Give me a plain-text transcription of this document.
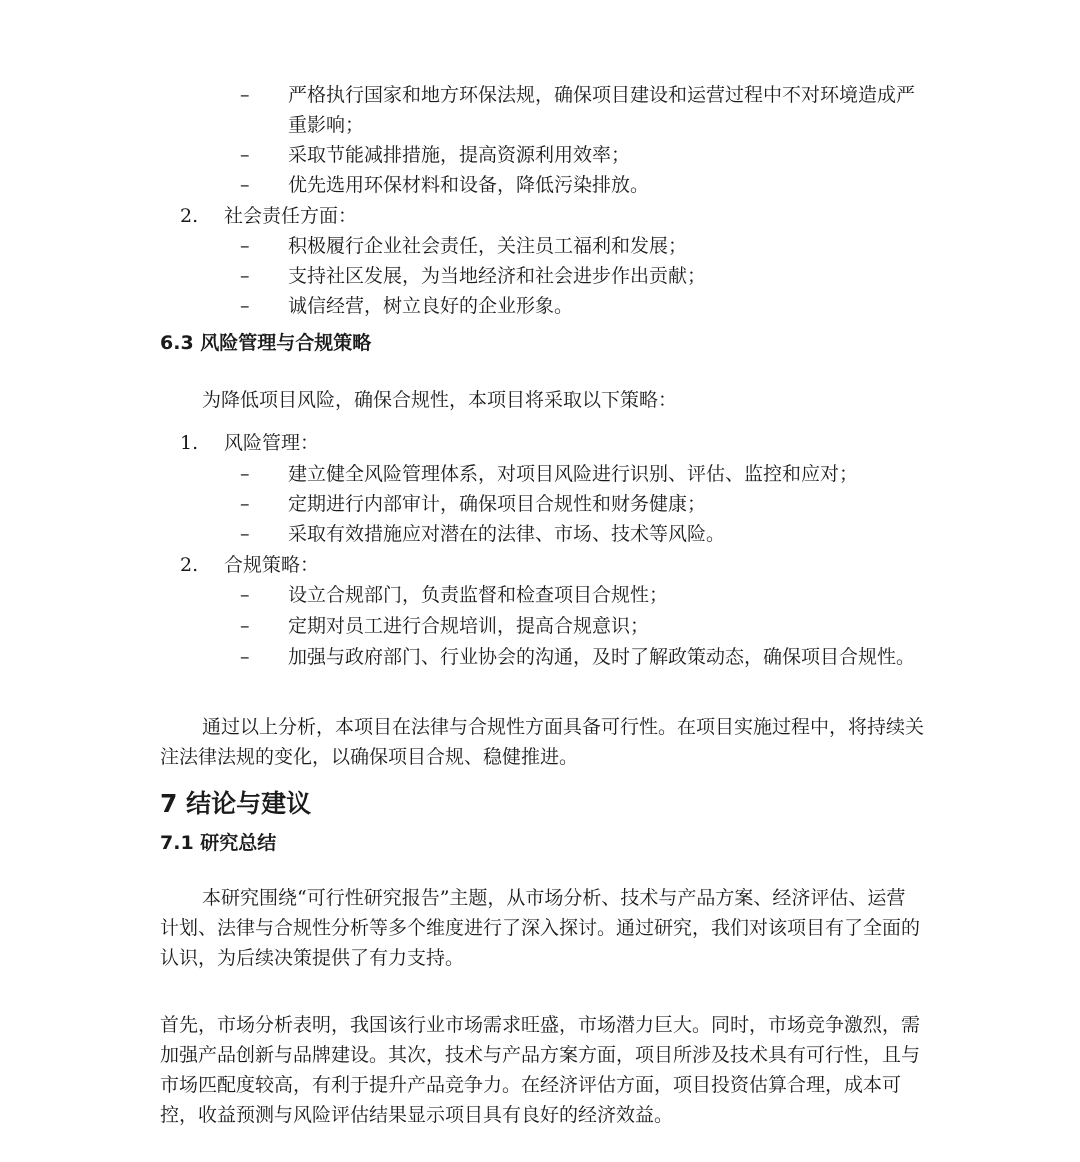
–	严格执行国家和地方环保法规，确保项目建设和运营过程中不对环境造成严重影响；
–	采取节能减排措施，提高资源利用效率；
–	优先选用环保材料和设备，降低污染排放。
2.	社会责任方面：
–	积极履行企业社会责任，关注员工福利和发展；
–	支持社区发展，为当地经济和社会进步作出贡献；
–	诚信经营，树立良好的企业形象。
6.3 风险管理与合规策略
为降低项目风险，确保合规性，本项目将采取以下策略：
1.	风险管理：
–	建立健全风险管理体系，对项目风险进行识别、评估、监控和应对；
–	定期进行内部审计，确保项目合规性和财务健康；
–	采取有效措施应对潜在的法律、市场、技术等风险。
2.	合规策略：
–	设立合规部门，负责监督和检查项目合规性；
–	定期对员工进行合规培训，提高合规意识；
–	加强与政府部门、行业协会的沟通，及时了解政策动态，确保项目合规性。
通过以上分析，本项目在法律与合规性方面具备可行性。在项目实施过程中，将持续关注法律法规的变化，以确保项目合规、稳健推进。
7 结论与建议
7.1 研究总结
本研究围绕“可行性研究报告”主题，从市场分析、技术与产品方案、经济评估、运营计划、法律与合规性分析等多个维度进行了深入探讨。通过研究，我们对该项目有了全面的认识，为后续决策提供了有力支持。
首先，市场分析表明，我国该行业市场需求旺盛，市场潜力巨大。同时，市场竞争激烈，需加强产品创新与品牌建设。其次，技术与产品方案方面，项目所涉及技术具有可行性，且与市场匹配度较高，有利于提升产品竞争力。在经济评估方面，项目投资估算合理，成本可控，收益预测与风险评估结果显示项目具有良好的经济效益。
